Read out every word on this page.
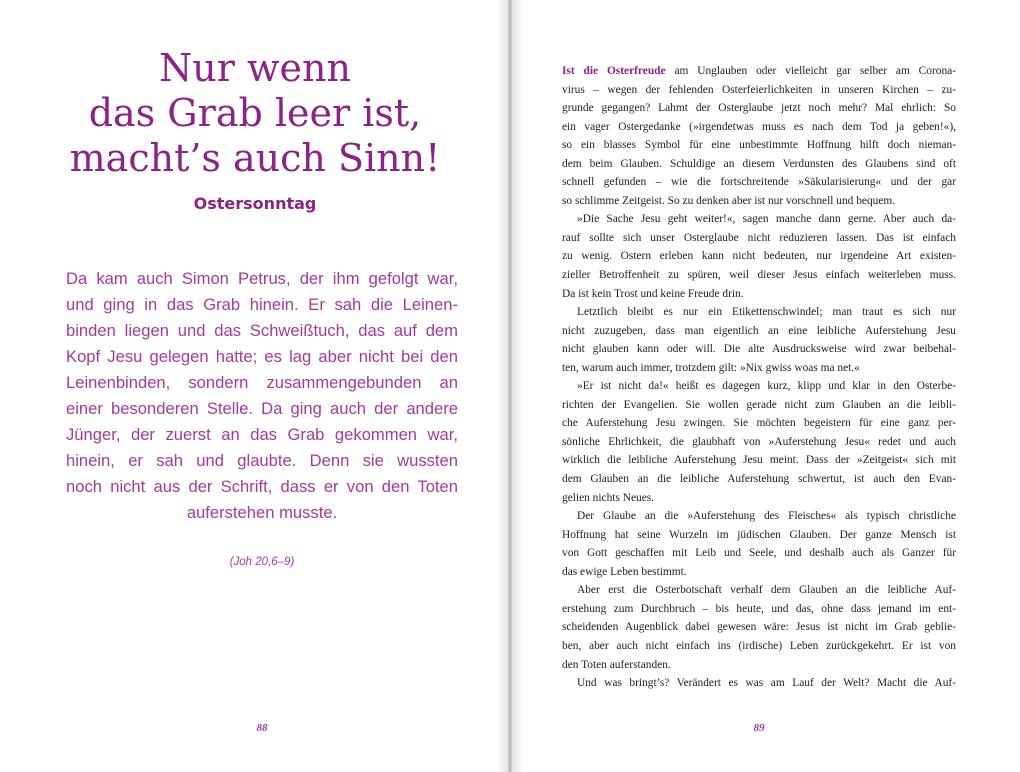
Nur wenn
das Grab leer ist,
macht’s auch Sinn!
Ostersonntag
Da kam auch Simon Petrus, der ihm gefolgt war,
und ging in das Grab hinein. Er sah die Leinen-
binden liegen und das Schweißtuch, das auf dem
Kopf Jesu gelegen hatte; es lag aber nicht bei den
Leinenbinden, sondern zusammengebunden an
einer besonderen Stelle. Da ging auch der andere
Jünger, der zuerst an das Grab gekommen war,
hinein, er sah und glaubte. Denn sie wussten
noch nicht aus der Schrift, dass er von den Toten
auferstehen musste.
(Joh 20,6–9)
88
Ist die Osterfreude am Unglauben oder vielleicht gar selber am Corona-
virus – wegen der fehlenden Osterfeierlichkeiten in unseren Kirchen – zu-
grunde gegangen? Lahmt der Osterglaube jetzt noch mehr? Mal ehrlich: So
ein vager Ostergedanke (»irgendetwas muss es nach dem Tod ja geben!«),
so ein blasses Symbol für eine unbestimmte Hoffnung hilft doch nieman-
dem beim Glauben. Schuldige an diesem Verdunsten des Glaubens sind oft
schnell gefunden – wie die fortschreitende »Säkularisierung« und der gar
so schlimme Zeitgeist. So zu denken aber ist nur vorschnell und bequem.
»Die Sache Jesu geht weiter!«, sagen manche dann gerne. Aber auch da-
rauf sollte sich unser Osterglaube nicht reduzieren lassen. Das ist einfach
zu wenig. Ostern erleben kann nicht bedeuten, nur irgendeine Art existen-
zieller Betroffenheit zu spüren, weil dieser Jesus einfach weiterleben muss.
Da ist kein Trost und keine Freude drin.
Letztlich bleibt es nur ein Etikettenschwindel; man traut es sich nur
nicht zuzugeben, dass man eigentlich an eine leibliche Auferstehung Jesu
nicht glauben kann oder will. Die alte Ausdrucksweise wird zwar beibehal-
ten, warum auch immer, trotzdem gilt: »Nix gwiss woas ma net.«
»Er ist nicht da!« heißt es dagegen kurz, klipp und klar in den Osterbe-
richten der Evangelien. Sie wollen gerade nicht zum Glauben an die leibli-
che Auferstehung Jesu zwingen. Sie möchten begeistern für eine ganz per-
sönliche Ehrlichkeit, die glaubhaft von »Auferstehung Jesu« redet und auch
wirklich die leibliche Auferstehung Jesu meint. Dass der »Zeitgeist« sich mit
dem Glauben an die leibliche Auferstehung schwertut, ist auch den Evan-
gelien nichts Neues.
Der Glaube an die »Auferstehung des Fleisches« als typisch christliche
Hoffnung hat seine Wurzeln im jüdischen Glauben. Der ganze Mensch ist
von Gott geschaffen mit Leib und Seele, und deshalb auch als Ganzer für
das ewige Leben bestimmt.
Aber erst die Osterbotschaft verhalf dem Glauben an die leibliche Auf-
erstehung zum Durchbruch – bis heute, und das, ohne dass jemand im ent-
scheidenden Augenblick dabei gewesen wäre: Jesus ist nicht im Grab geblie-
ben, aber auch nicht einfach ins (irdische) Leben zurückgekehrt. Er ist von
den Toten auferstanden.
Und was bringt’s? Verändert es was am Lauf der Welt? Macht die Auf-
89
